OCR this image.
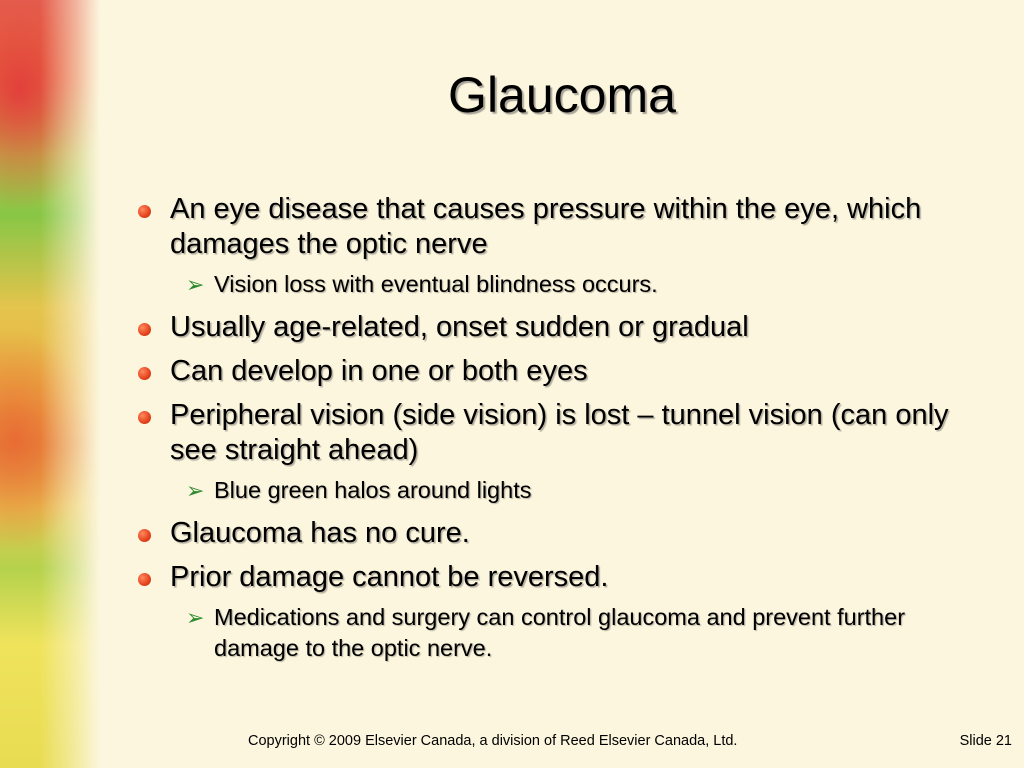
Glaucoma
An eye disease that causes pressure within the eye, which damages the optic nerve
➢ Vision loss with eventual blindness occurs.
Usually age-related, onset sudden or gradual
Can develop in one or both eyes
Peripheral vision (side vision) is lost – tunnel vision (can only see straight ahead)
➢ Blue green halos around lights
Glaucoma has no cure.
Prior damage cannot be reversed.
➢ Medications and surgery can control glaucoma and prevent further damage to the optic nerve.
Copyright © 2009 Elsevier Canada, a division of Reed Elsevier Canada, Ltd.	Slide 21
